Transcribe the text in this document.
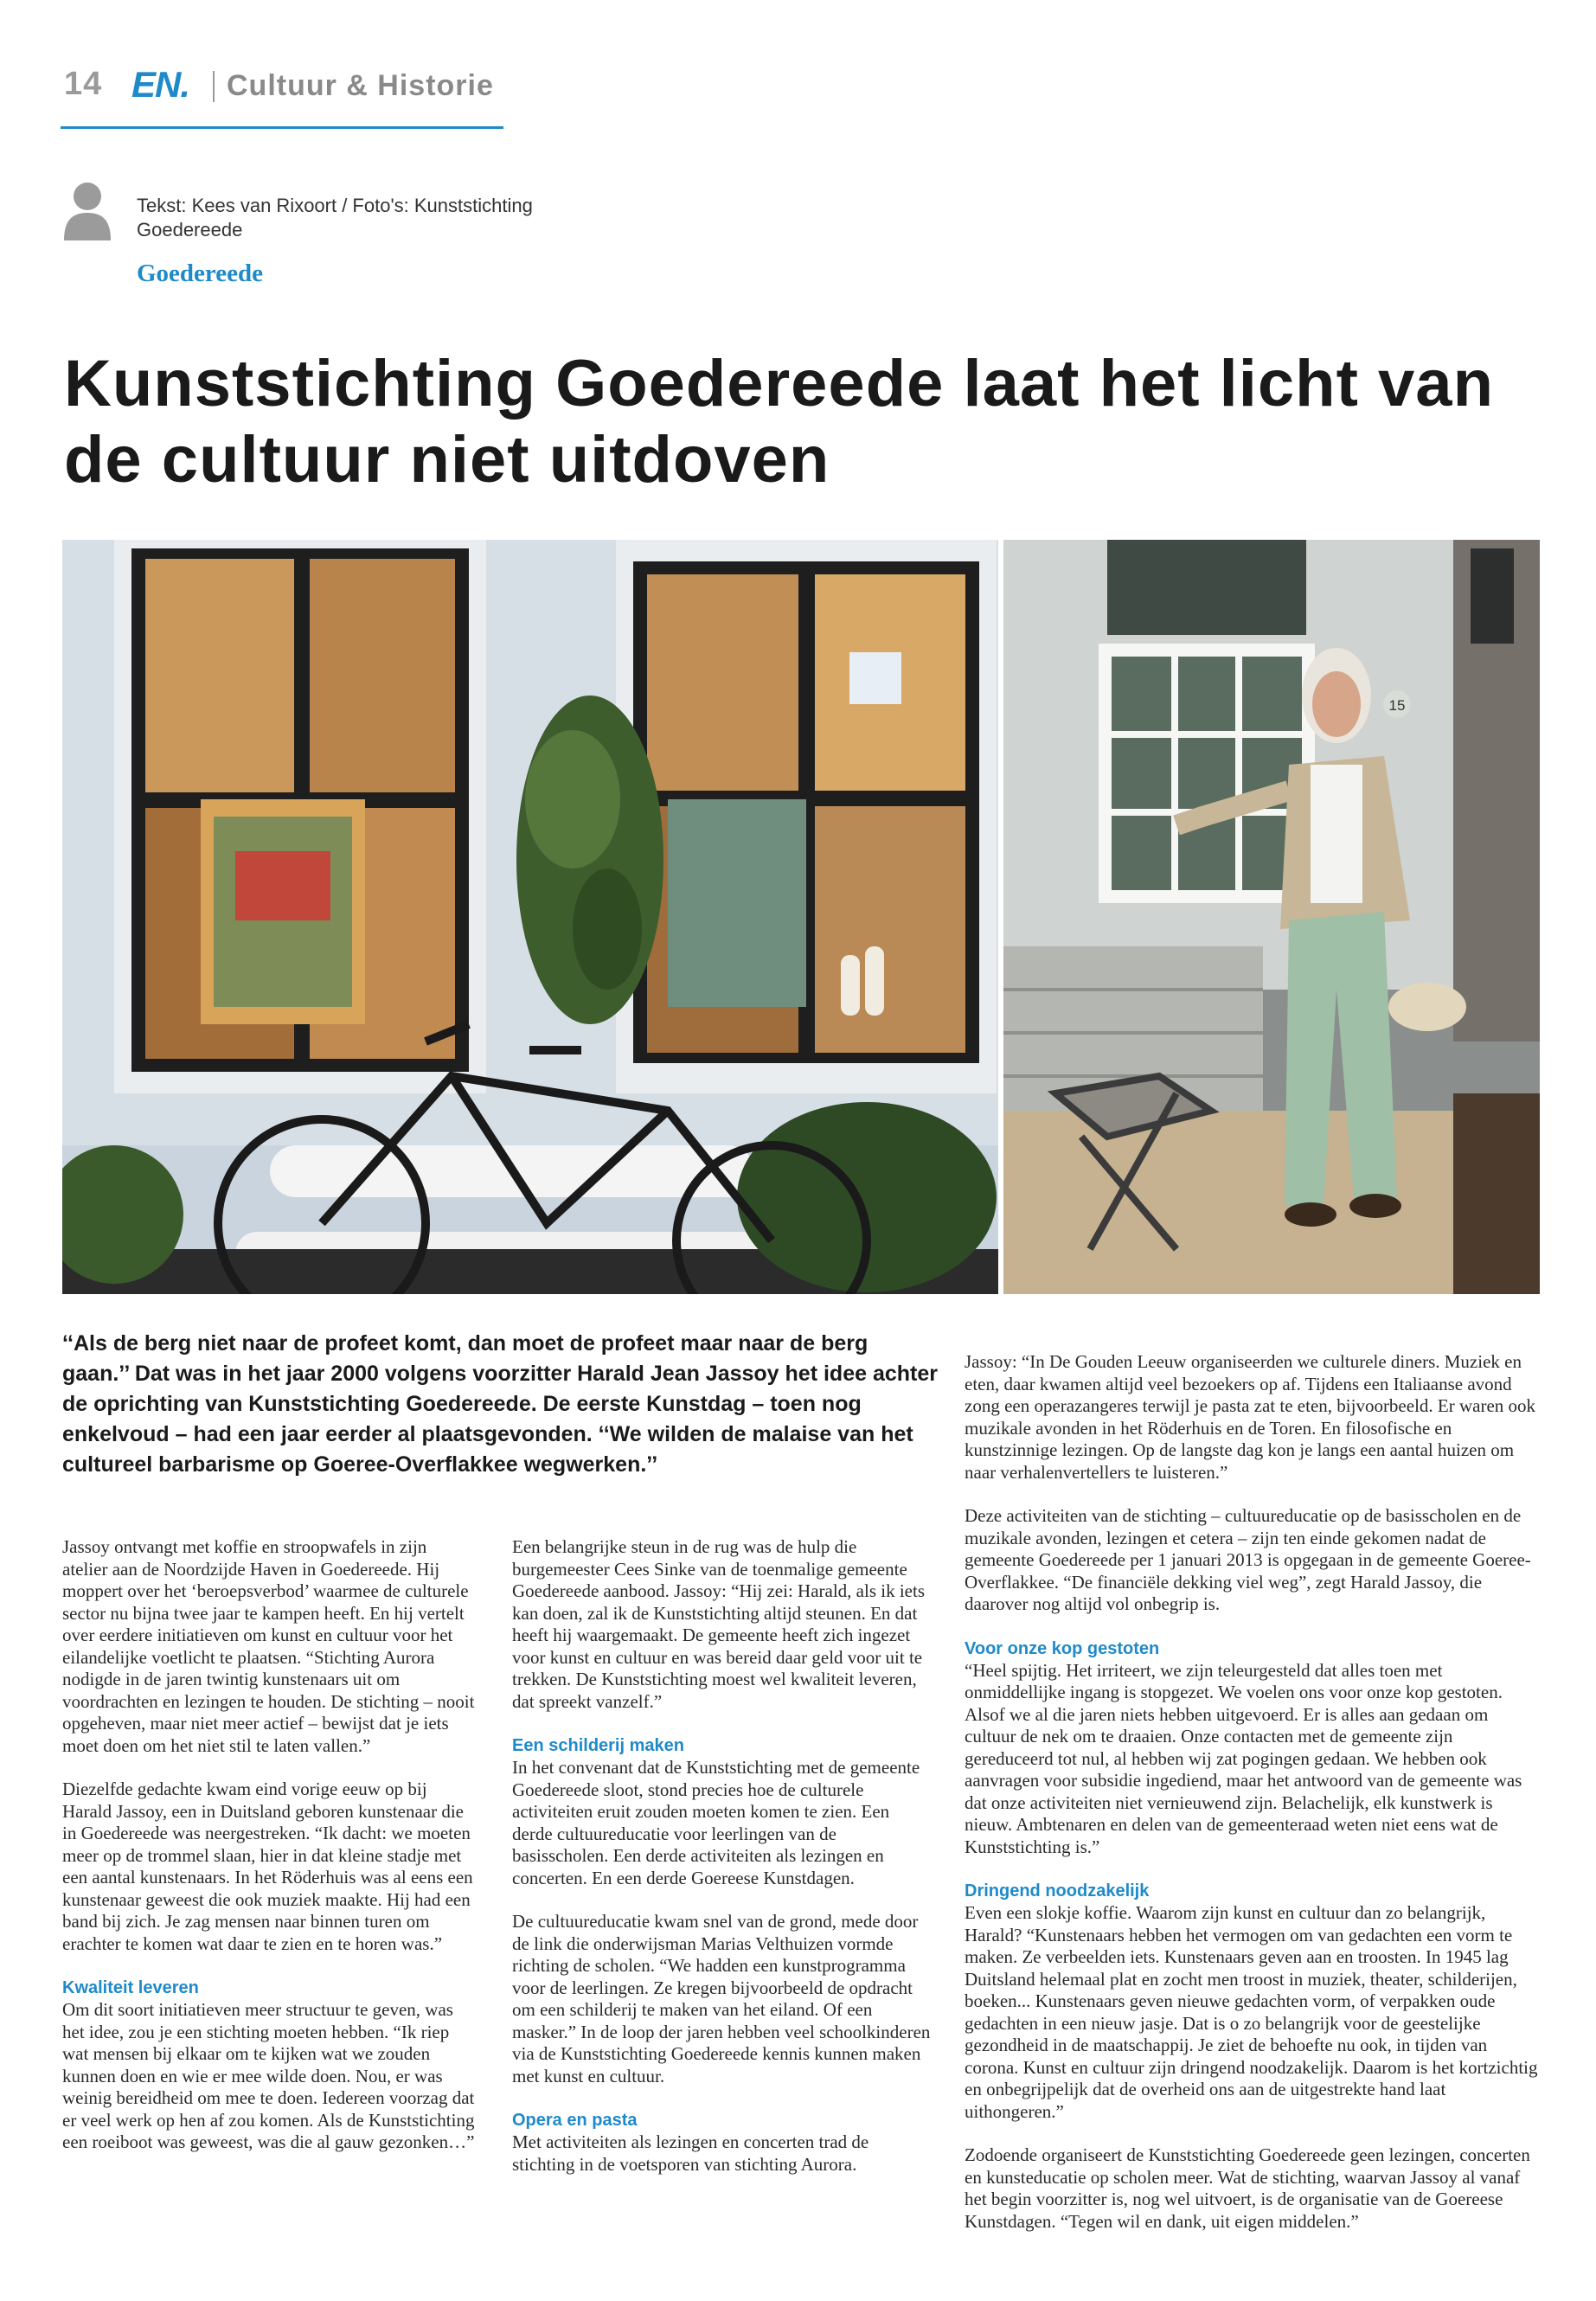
14 EN. Cultuur & Historie
Tekst: Kees van Rixoort / Foto's: Kunststichting Goedereede
Goedereede
Kunststichting Goedereede laat het licht van de cultuur niet uitdoven
15
‘‘Als de berg niet naar de profeet komt, dan moet de profeet maar naar de berg gaan.’’ Dat was in het jaar 2000 volgens voorzitter Harald Jean Jassoy het idee achter de oprichting van Kunststichting Goedereede. De eerste Kunstdag – toen nog enkelvoud – had een jaar eerder al plaatsgevonden. ‘‘We wilden de malaise van het cultureel barbarisme op Goeree-Overflakkee wegwerken.’’

Jassoy ontvangt met koffie en stroopwafels in zijn atelier aan de Noordzijde Haven in Goedereede. Hij moppert over het ‘beroepsverbod’ waarmee de culturele sector nu bijna twee jaar te kampen heeft. En hij vertelt over eerdere initiatieven om kunst en cultuur voor het eilandelijke voetlicht te plaatsen. “Stichting Aurora nodigde in de jaren twintig kunstenaars uit om voordrachten en lezingen te houden. De stichting – nooit opgeheven, maar niet meer actief – bewijst dat je iets moet doen om het niet stil te laten vallen.”

Diezelfde gedachte kwam eind vorige eeuw op bij Harald Jassoy, een in Duitsland geboren kunstenaar die in Goedereede was neergestreken. “Ik dacht: we moeten meer op de trommel slaan, hier in dat kleine stadje met een aantal kunstenaars. In het Röderhuis was al eens een kunstenaar geweest die ook muziek maakte. Hij had een band bij zich. Je zag mensen naar binnen turen om erachter te komen wat daar te zien en te horen was.”

Kwaliteit leveren

Om dit soort initiatieven meer structuur te geven, was het idee, zou je een stichting moeten hebben. “Ik riep wat mensen bij elkaar om te kijken wat we zouden kunnen doen en wie er mee wilde doen. Nou, er was weinig bereidheid om mee te doen. Iedereen voorzag dat er veel werk op hen af zou komen. Als de Kunststichting een roeiboot was geweest, was die al gauw gezonken…”

Een belangrijke steun in de rug was de hulp die burgemeester Cees Sinke van de toenmalige gemeente Goedereede aanbood. Jassoy: “Hij zei: Harald, als ik iets kan doen, zal ik de Kunststichting altijd steunen. En dat heeft hij waargemaakt. De gemeente heeft zich ingezet voor kunst en cultuur en was bereid daar geld voor uit te trekken. De Kunststichting moest wel kwaliteit leveren, dat spreekt vanzelf.”

Een schilderij maken

In het convenant dat de Kunststichting met de gemeente Goedereede sloot, stond precies hoe de culturele activiteiten eruit zouden moeten komen te zien. Een derde cultuureducatie voor leerlingen van de basisscholen. Een derde activiteiten als lezingen en concerten. En een derde Goereese Kunstdagen.

De cultuureducatie kwam snel van de grond, mede door de link die onderwijsman Marias Velthuizen vormde richting de scholen. “We hadden een kunstprogramma voor de leerlingen. Ze kregen bijvoorbeeld de opdracht om een schilderij te maken van het eiland. Of een masker.” In de loop der jaren hebben veel schoolkinderen via de Kunststichting Goedereede kennis kunnen maken met kunst en cultuur.

Opera en pasta

Met activiteiten als lezingen en concerten trad de stichting in de voetsporen van stichting Aurora.

Jassoy: “In De Gouden Leeuw organiseerden we culturele diners. Muziek en eten, daar kwamen altijd veel bezoekers op af. Tijdens een Italiaanse avond zong een operazangeres terwijl je pasta zat te eten, bijvoorbeeld. Er waren ook muzikale avonden in het Röderhuis en de Toren. En filosofische en kunstzinnige lezingen. Op de langste dag kon je langs een aantal huizen om naar verhalenvertellers te luisteren.”

Deze activiteiten van de stichting – cultuureducatie op de basisscholen en de muzikale avonden, lezingen et cetera – zijn ten einde gekomen nadat de gemeente Goedereede per 1 januari 2013 is opgegaan in de gemeente Goeree-Overflakkee. “De financiële dekking viel weg”, zegt Harald Jassoy, die daarover nog altijd vol onbegrip is.

Voor onze kop gestoten

“Heel spijtig. Het irriteert, we zijn teleurgesteld dat alles toen met onmiddellijke ingang is stopgezet. We voelen ons voor onze kop gestoten. Alsof we al die jaren niets hebben uitgevoerd. Er is alles aan gedaan om cultuur de nek om te draaien. Onze contacten met de gemeente zijn gereduceerd tot nul, al hebben wij zat pogingen gedaan. We hebben ook aanvragen voor subsidie ingediend, maar het antwoord van de gemeente was dat onze activiteiten niet vernieuwend zijn. Belachelijk, elk kunstwerk is nieuw. Ambtenaren en delen van de gemeenteraad weten niet eens wat de Kunststichting is.”

Dringend noodzakelijk

Even een slokje koffie. Waarom zijn kunst en cultuur dan zo belangrijk, Harald? “Kunstenaars hebben het vermogen om van gedachten een vorm te maken. Ze verbeelden iets. Kunstenaars geven aan en troosten. In 1945 lag Duitsland helemaal plat en zocht men troost in muziek, theater, schilderijen, boeken... Kunstenaars geven nieuwe gedachten vorm, of verpakken oude gedachten in een nieuw jasje. Dat is o zo belangrijk voor de geestelijke gezondheid in de maatschappij. Je ziet de behoefte nu ook, in tijden van corona. Kunst en cultuur zijn dringend noodzakelijk. Daarom is het kortzichtig en onbegrijpelijk dat de overheid ons aan de uitgestrekte hand laat uithongeren.”

Zodoende organiseert de Kunststichting Goedereede geen lezingen, concerten en kunsteducatie op scholen meer. Wat de stichting, waarvan Jassoy al vanaf het begin voorzitter is, nog wel uitvoert, is de organisatie van de Goereese Kunstdagen. “Tegen wil en dank, uit eigen middelen.”
